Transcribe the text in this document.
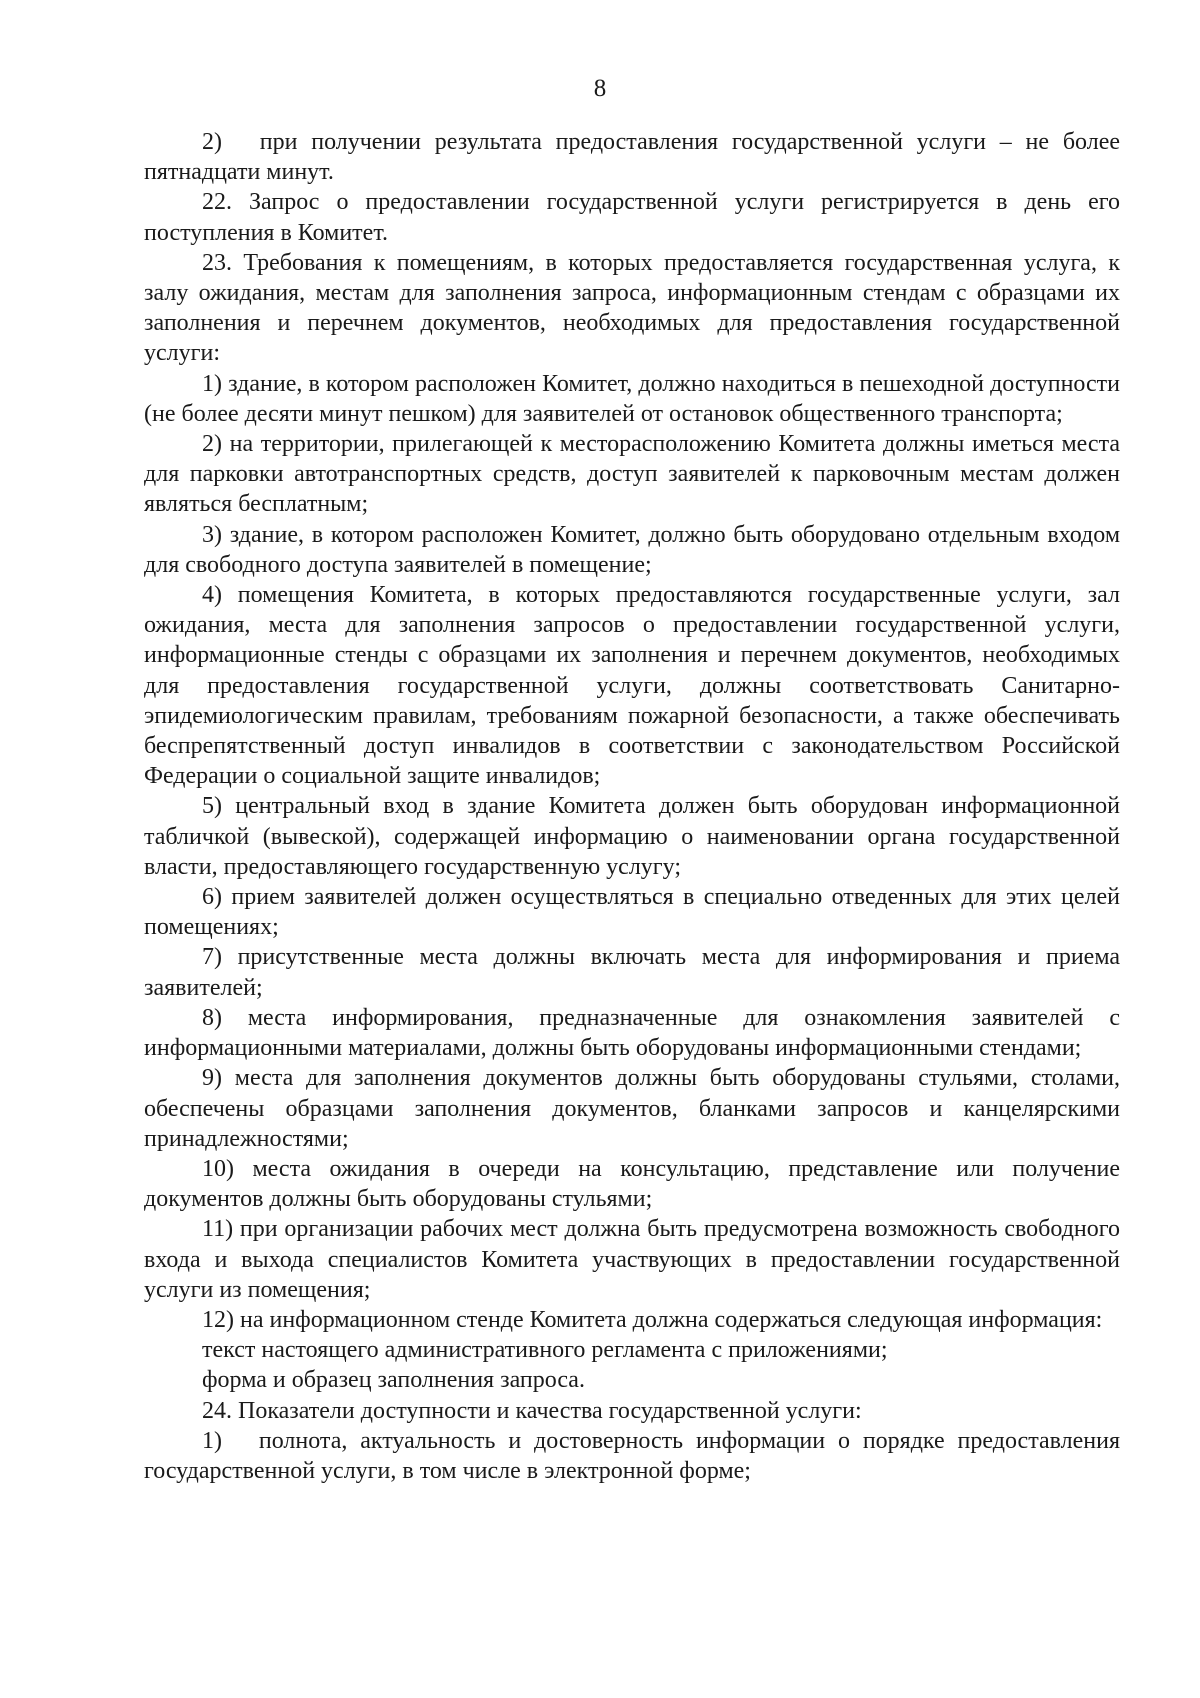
8

2)  при получении результата предоставления государственной услуги – не более пятнадцати минут.

22. Запрос о предоставлении государственной услуги регистрируется в день его поступления в Комитет.

23. Требования к помещениям, в которых предоставляется государственная услуга, к залу ожидания, местам для заполнения запроса, информационным стендам с образцами их заполнения и перечнем документов, необходимых для предоставления государственной услуги:

1) здание, в котором расположен Комитет, должно находиться в пешеходной доступности (не более десяти минут пешком) для заявителей от остановок общественного транспорта;

2) на территории, прилегающей к месторасположению Комитета должны иметься места для парковки автотранспортных средств, доступ заявителей к парковочным местам должен являться бесплатным;

3) здание, в котором расположен Комитет, должно быть оборудовано отдельным входом для свободного доступа заявителей в помещение;

4) помещения Комитета, в которых предоставляются государственные услуги, зал ожидания, места для заполнения запросов о предоставлении государственной услуги, информационные стенды с образцами их заполнения и перечнем документов, необходимых для предоставления государственной услуги, должны соответствовать Санитарно-эпидемиологическим правилам, требованиям пожарной безопасности, а также обеспечивать беспрепятственный доступ инвалидов в соответствии с законодательством Российской Федерации о социальной защите инвалидов;

5) центральный вход в здание Комитета должен быть оборудован информационной табличкой (вывеской), содержащей информацию о наименовании органа государственной власти, предоставляющего государственную услугу;

6) прием заявителей должен осуществляться в специально отведенных для этих целей помещениях;

7) присутственные места должны включать места для информирования и приема заявителей;

8) места информирования, предназначенные для ознакомления заявителей с информационными материалами, должны быть оборудованы информационными стендами;

9) места для заполнения документов должны быть оборудованы стульями, столами, обеспечены образцами заполнения документов, бланками запросов и канцелярскими принадлежностями;

10) места ожидания в очереди на консультацию, представление или получение документов должны быть оборудованы стульями;

11) при организации рабочих мест должна быть предусмотрена возможность свободного входа и выхода специалистов Комитета участвующих в предоставлении государственной услуги из помещения;

12) на информационном стенде Комитета должна содержаться следующая информация:

текст настоящего административного регламента с приложениями;

форма и образец заполнения запроса.

24. Показатели доступности и качества государственной услуги:

1)  полнота, актуальность и достоверность информации о порядке предоставления государственной услуги, в том числе в электронной форме;
